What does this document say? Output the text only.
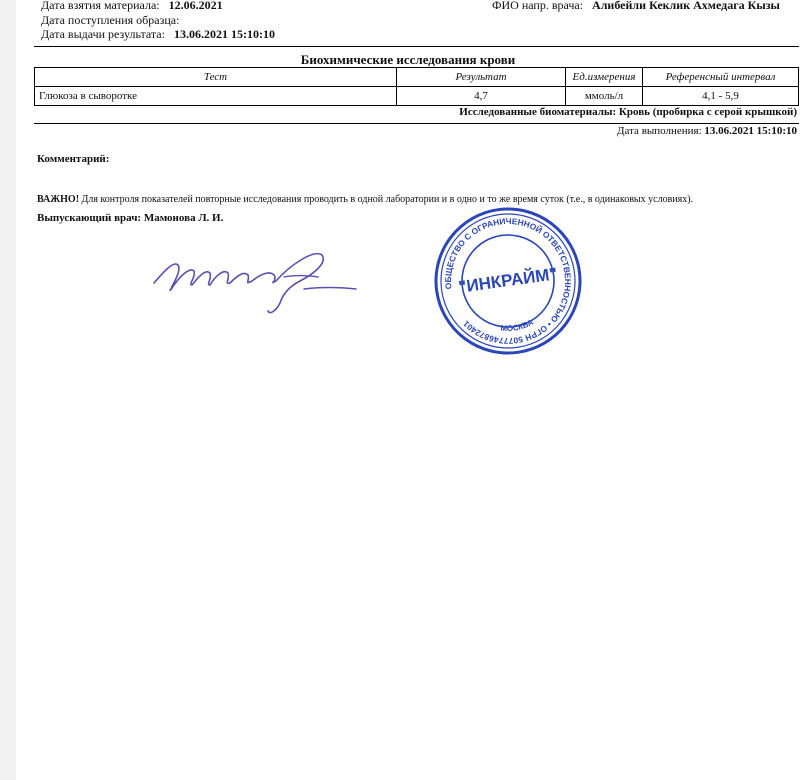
Дата взятия материала: 12.06.2021
Дата поступления образца:
Дата выдачи результата: 13.06.2021 15:10:10
ФИО напр. врача: Алибейли Кеклик Ахмедага Кызы
Биохимические исследования крови
Тест	Результат	Ед.измерения	Референсный интервал
Глюкоза в сыворотке	4,7	ммоль/л	4,1 - 5,9
Исследованные биоматериалы: Кровь (пробирка с серой крышкой)
Дата выполнения: 13.06.2021 15:10:10
Комментарий:
ВАЖНО! Для контроля показателей повторные исследования проводить в одной лаборатории и в одно и то же время суток (т.е., в одинаковых условиях).
Выпускающий врач: Мамонова Л. И.
ОБЩЕСТВО С ОГРАНИЧЕННОЙ ОТВЕТСТВЕННОСТЬЮ • ОГРН 5077746872401	МОСКВА
"ИНКРАЙМ"
